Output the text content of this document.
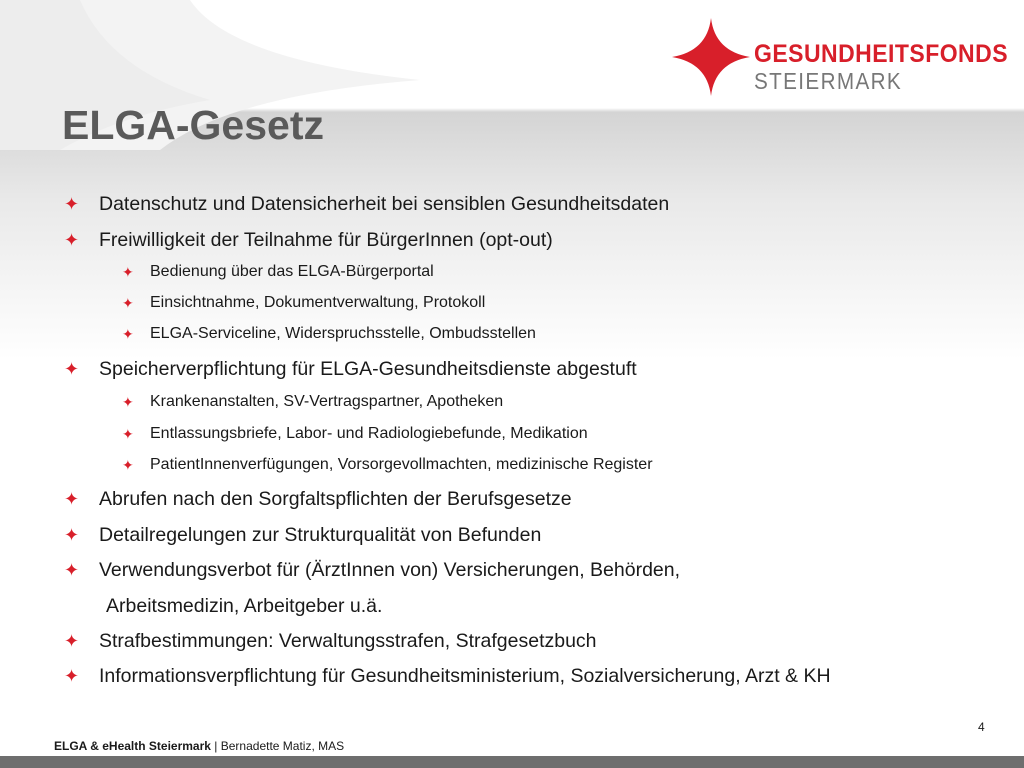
GESUNDHEITSFONDS
STEIERMARK
ELGA-Gesetz
✦ Datenschutz und Datensicherheit bei sensiblen Gesundheitsdaten
✦ Freiwilligkeit der Teilnahme für BürgerInnen (opt-out)
✦ Bedienung über das ELGA-Bürgerportal
✦ Einsichtnahme, Dokumentverwaltung, Protokoll
✦ ELGA-Serviceline, Widerspruchsstelle, Ombudsstellen
✦ Speicherverpflichtung für ELGA-Gesundheitsdienste abgestuft
✦ Krankenanstalten, SV-Vertragspartner, Apotheken
✦ Entlassungsbriefe, Labor- und Radiologiebefunde, Medikation
✦ PatientInnenverfügungen, Vorsorgevollmachten, medizinische Register
✦ Abrufen nach den Sorgfaltspflichten der Berufsgesetze
✦ Detailregelungen zur Strukturqualität von Befunden
✦ Verwendungsverbot für (ÄrztInnen von) Versicherungen, Behörden,
Arbeitsmedizin, Arbeitgeber u.ä.
✦ Strafbestimmungen: Verwaltungsstrafen, Strafgesetzbuch
✦ Informationsverpflichtung für Gesundheitsministerium, Sozialversicherung, Arzt & KH
4
ELGA & eHealth Steiermark | Bernadette Matiz, MAS
